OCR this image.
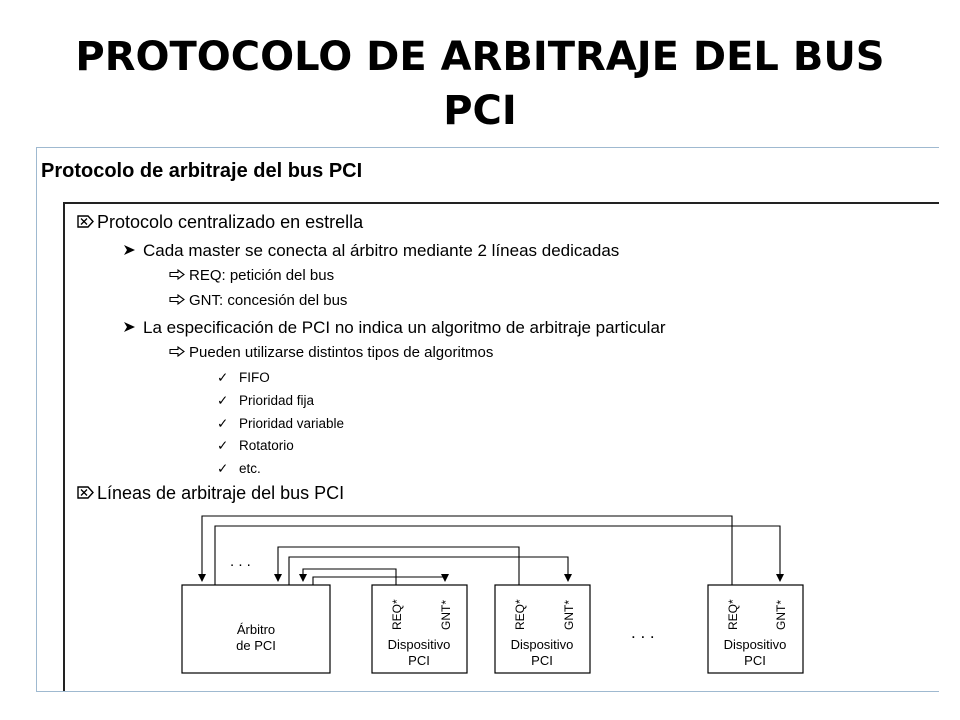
PROTOCOLO DE ARBITRAJE DEL BUS
PCI
Protocolo de arbitraje del bus PCI
Protocolo centralizado en estrella
Cada master se conecta al árbitro mediante 2 líneas dedicadas
REQ: petición del bus
GNT: concesión del bus
La especificación de PCI no indica un algoritmo de arbitraje particular
Pueden utilizarse distintos tipos de algoritmos
✓ FIFO
✓ Prioridad fija
✓ Prioridad variable
✓ Rotatorio
✓ etc.
Líneas de arbitraje del bus PCI
. . .
. . .
Árbitro
de PCI
REQ*	GNT*
Dispositivo
PCI
REQ*	GNT*
Dispositivo
PCI
REQ*	GNT*
Dispositivo
PCI
